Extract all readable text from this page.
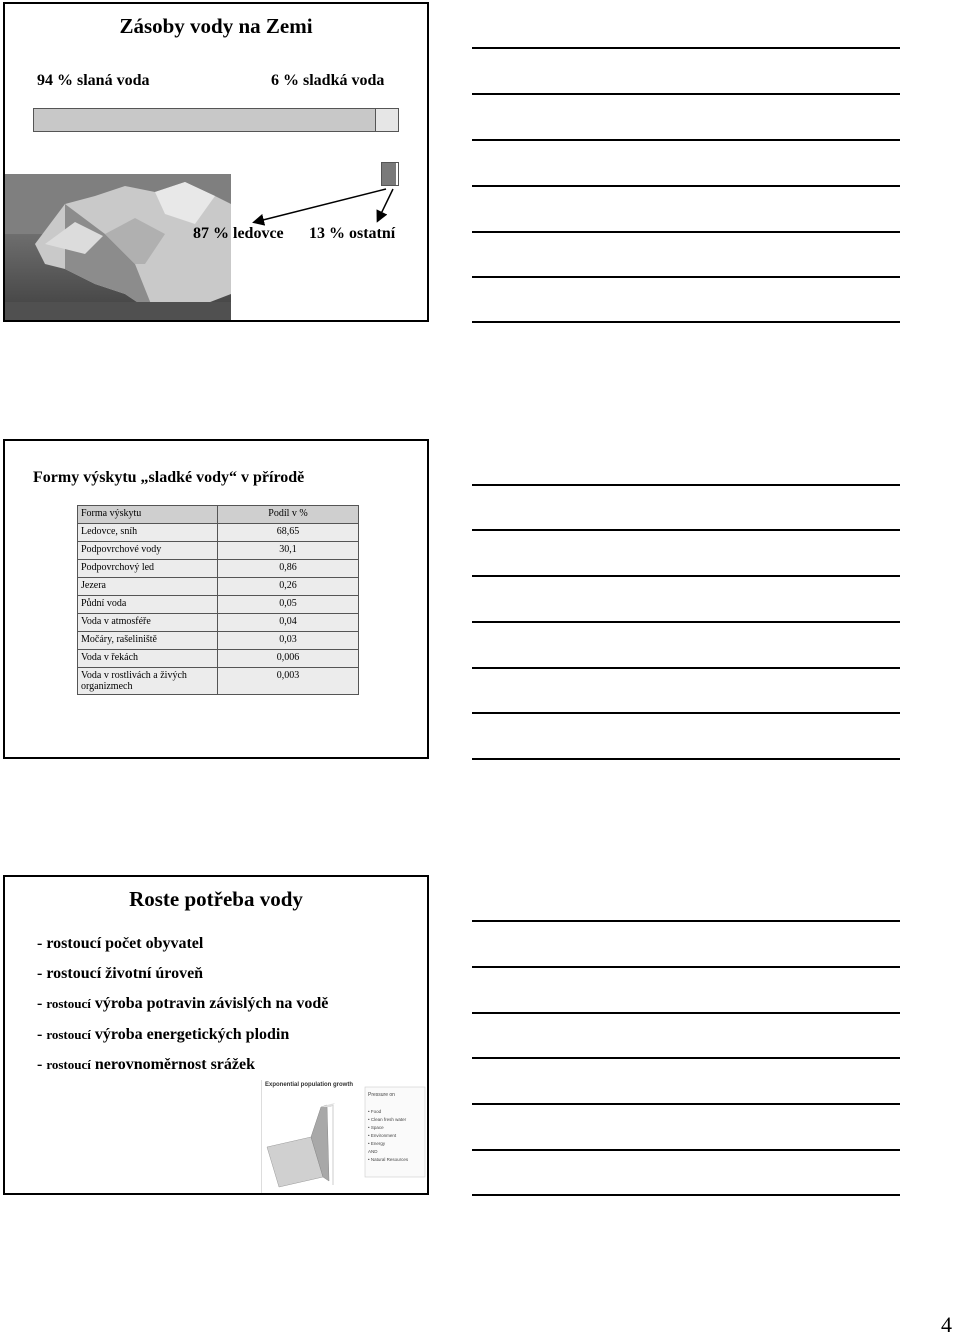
Zásoby vody na Zemi
94 % slaná voda	6 % sladká voda
87 % ledovce 13 % ostatní
Formy výskytu „sladké vody“ v přírodě
Forma výskytu	Podíl v %
Ledovce, sníh	68,65
Podpovrchové vody	30,1
Podpovrchový led	0,86
Jezera	0,26
Půdní voda	0,05
Voda v atmosféře	0,04
Močáry, rašeliniště	0,03
Voda v řekách	0,006
Voda v rostlivách a živých organizmech	0,003
Roste potřeba vody
- rostoucí počet obyvatel
- rostoucí životní úroveň
- rostoucí výroba potravin závislých na vodě
- rostoucí výroba energetických plodin
- rostoucí nerovnoměrnost srážek
Exponential population growth
Pressure on
• Food
• Clean fresh water
• Space
• Environment
• Energy
AND
• Natural Resources
4
